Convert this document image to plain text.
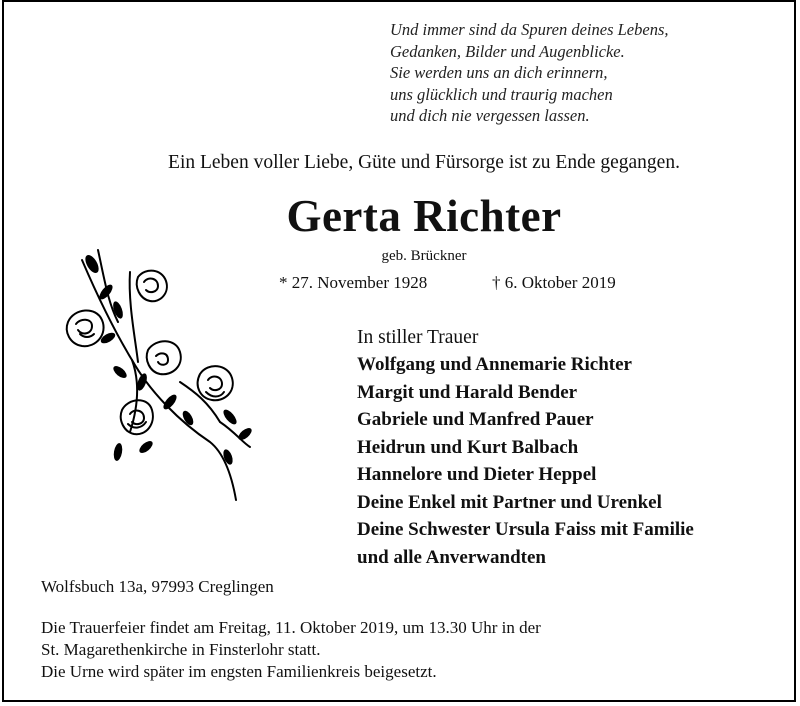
Und immer sind da Spuren deines Lebens,
Gedanken, Bilder und Augenblicke.
Sie werden uns an dich erinnern,
uns glücklich und traurig machen
und dich nie vergessen lassen.
Ein Leben voller Liebe, Güte und Fürsorge ist zu Ende gegangen.
Gerta Richter
geb. Brückner
* 27. November 1928	† 6. Oktober 2019
In stiller Trauer
Wolfgang und Annemarie Richter
Margit und Harald Bender
Gabriele und Manfred Pauer
Heidrun und Kurt Balbach
Hannelore und Dieter Heppel
Deine Enkel mit Partner und Urenkel
Deine Schwester Ursula Faiss mit Familie
und alle Anverwandten
Wolfsbuch 13a, 97993 Creglingen
Die Trauerfeier findet am Freitag, 11. Oktober 2019, um 13.30 Uhr in der
St. Magarethenkirche in Finsterlohr statt.
Die Urne wird später im engsten Familienkreis beigesetzt.
